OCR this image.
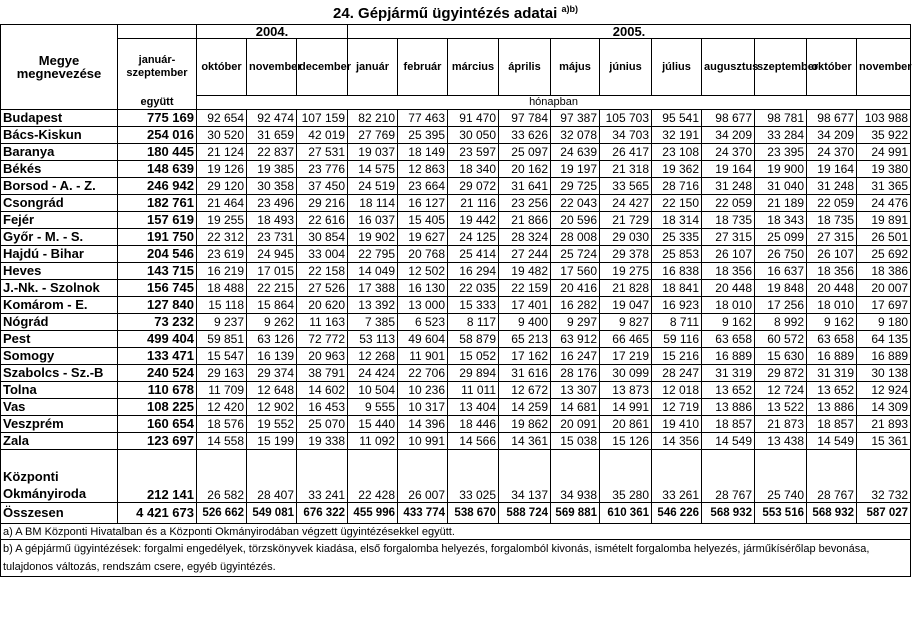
24. Gépjármű ügyintézés adatai $^{a)b)}$
Megye megnevezése		2004.			2005.										
	január-szeptember	október	november	december	január	február	március	április	május	június	július	augusztus	szeptember	október	november
	együtt	hónapban													
Budapest	775 169	92 654	92 474	107 159	82 210	77 463	91 470	97 784	97 387	105 703	95 541	98 677	98 781	98 677	103 988
Bács-Kiskun	254 016	30 520	31 659	42 019	27 769	25 395	30 050	33 626	32 078	34 703	32 191	34 209	33 284	34 209	35 922
Baranya	180 445	21 124	22 837	27 531	19 037	18 149	23 597	25 097	24 639	26 417	23 108	24 370	23 395	24 370	24 991
Békés	148 639	19 126	19 385	23 776	14 575	12 863	18 340	20 162	19 197	21 318	19 362	19 164	19 900	19 164	19 380
Borsod - A. - Z.	246 942	29 120	30 358	37 450	24 519	23 664	29 072	31 641	29 725	33 565	28 716	31 248	31 040	31 248	31 365
Csongrád	182 761	21 464	23 496	29 216	18 114	16 127	21 116	23 256	22 043	24 427	22 150	22 059	21 189	22 059	24 476
Fejér	157 619	19 255	18 493	22 616	16 037	15 405	19 442	21 866	20 596	21 729	18 314	18 735	18 343	18 735	19 891
Győr - M. - S.	191 750	22 312	23 731	30 854	19 902	19 627	24 125	28 324	28 008	29 030	25 335	27 315	25 099	27 315	26 501
Hajdú - Bihar	204 546	23 619	24 945	33 004	22 795	20 768	25 414	27 244	25 724	29 378	25 853	26 107	26 750	26 107	25 692
Heves	143 715	16 219	17 015	22 158	14 049	12 502	16 294	19 482	17 560	19 275	16 838	18 356	16 637	18 356	18 386
J.-Nk. - Szolnok	156 745	18 488	22 215	27 526	17 388	16 130	22 035	22 159	20 416	21 828	18 841	20 448	19 848	20 448	20 007
Komárom - E.	127 840	15 118	15 864	20 620	13 392	13 000	15 333	17 401	16 282	19 047	16 923	18 010	17 256	18 010	17 697
Nógrád	73 232	9 237	9 262	11 163	7 385	6 523	8 117	9 400	9 297	9 827	8 711	9 162	8 992	9 162	9 180
Pest	499 404	59 851	63 126	72 772	53 113	49 604	58 879	65 213	63 912	66 465	59 116	63 658	60 572	63 658	64 135
Somogy	133 471	15 547	16 139	20 963	12 268	11 901	15 052	17 162	16 247	17 219	15 216	16 889	15 630	16 889	16 889
Szabolcs - Sz.-B	240 524	29 163	29 374	38 791	24 424	22 706	29 894	31 616	28 176	30 099	28 247	31 319	29 872	31 319	30 138
Tolna	110 678	11 709	12 648	14 602	10 504	10 236	11 011	12 672	13 307	13 873	12 018	13 652	12 724	13 652	12 924
Vas	108 225	12 420	12 902	16 453	9 555	10 317	13 404	14 259	14 681	14 991	12 719	13 886	13 522	13 886	14 309
Veszprém	160 654	18 576	19 552	25 070	15 440	14 396	18 446	19 862	20 091	20 861	19 410	18 857	21 873	18 857	21 893
Zala	123 697	14 558	15 199	19 338	11 092	10 991	14 566	14 361	15 038	15 126	14 356	14 549	13 438	14 549	15 361
Központi Okmányiroda	212 141	26 582	28 407	33 241	22 428	26 007	33 025	34 137	34 938	35 280	33 261	28 767	25 740	28 767	32 732
Összesen	4 421 673	526 662	549 081	676 322	455 996	433 774	538 670	588 724	569 881	610 361	546 226	568 932	553 516	568 932	587 027
a) A BM Központi Hivatalban és a Központi Okmányirodában végzett ügyintézésekkel együtt.															
b) A gépjármű ügyintézések: forgalmi engedélyek, törzskönyvek kiadása, első forgalomba helyezés, forgalomból kivonás, ismételt forgalomba helyezés, járműkísérőlap bevonása, tulajdonos változás, rendszám csere, egyéb ügyintézés.															
